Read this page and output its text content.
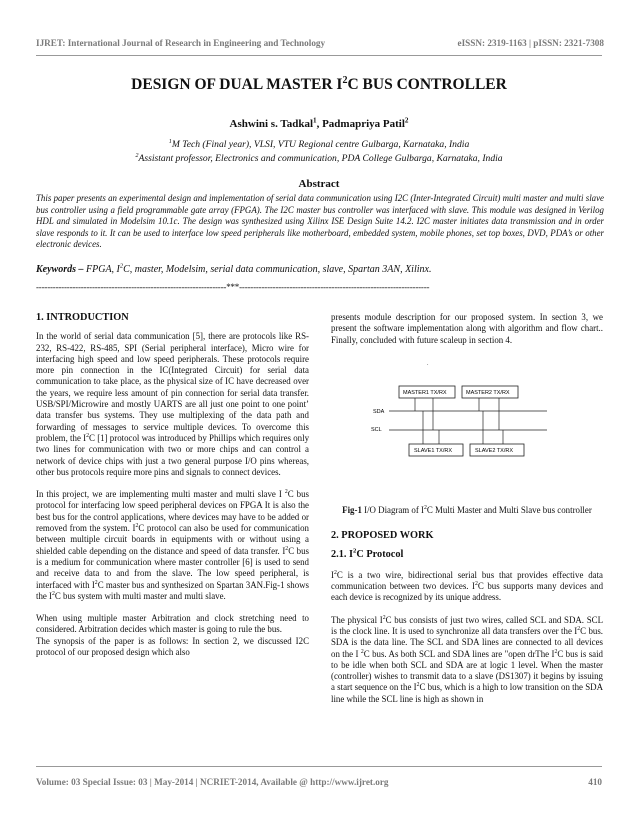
IJRET: International Journal of Research in Engineering and Technology	eISSN: 2319-1163 | pISSN: 2321-7308
DESIGN OF DUAL MASTER $I^2C$ BUS CONTROLLER
Ashwini s. Tadkal$^1$, Padmapriya Patil$^2$
$^1$M Tech (Final year), VLSI, VTU Regional centre Gulbarga, Karnataka, India
$^2$Assistant professor, Electronics and communication, PDA College Gulbarga, Karnataka, India
Abstract
This paper presents an experimental design and implementation of serial data communication using I2C (Inter-Integrated Circuit) multi master and multi slave bus controller using a field programmable gate array (FPGA). The I2C master bus controller was interfaced with slave. This module was designed in Verilog HDL and simulated in Modelsim 10.1c. The design was synthesized using Xilinx ISE Design Suite 14.2. I2C master initiates data transmission and in order slave responds to it. It can be used to interface low speed peripherals like motherboard, embedded system, mobile phones, set top boxes, DVD, PDA’s or other electronic devices.
Keywords – FPGA, $I^2C$, master, Modelsim, serial data communication, slave, Spartan 3AN, Xilinx.
--------------------------------------------------------------------***--------------------------------------------------------------------

1. INTRODUCTION

In the world of serial data communication [5], there are protocols like RS-232, RS-422, RS-485, SPI (Serial peripheral interface), Micro wire for interfacing high speed and low speed peripherals. These protocols require more pin connection in the IC(Integrated Circuit) for serial data communication to take place, as the physical size of IC have decreased over the years, we require less amount of pin connection for serial data transfer. USB/SPI/Microwire and mostly UARTS are all just one point to one point’ data transfer bus systems. They use multiplexing of the data path and forwarding of messages to service multiple devices. To overcome this problem, the $I^2C$ [1] protocol was introduced by Phillips which requires only two lines for communication with two or more chips and can control a network of device chips with just a two general purpose I/O pins whereas, other bus protocols require more pins and signals to connect devices.

In this project, we are implementing multi master and multi slave I $^2$C bus protocol for interfacing low speed peripheral devices on FPGA It is also the best bus for the control applications, where devices may have to be added or removed from the system. $I^2C$ protocol can also be used for communication between multiple circuit boards in equipments with or without using a shielded cable depending on the distance and speed of data transfer. $I^2C$ bus is a medium for communication where master controller [6] is used to send and receive data to and from the slave. The low speed peripheral, is interfaced with $I^2C$ master bus and synthesized on Spartan 3AN.Fig-1 shows the $I^2C$ bus system with multi master and multi slave.

When using multiple master Arbitration and clock stretching need to considered. Arbitration decides which master is going to rule the bus.

The synopsis of the paper is as follows: In section 2, we discussed I2C protocol of our proposed design which also

presents module description for our proposed system. In section 3, we present the software implementation along with algorithm and flow chart.. Finally, concluded with future scaleup in section 4.

.
MASTER1 TX/RX	MASTER2 TX/RX
SDA
SCL
SLAVE1 TX/RX	SLAVE2 TX/RX

Fig-1 I/O Diagram of $I^2C$ Multi Master and Multi Slave bus controller

2. PROPOSED WORK

2.1. $I^2C$ Protocol

$I^2C$ is a two wire, bidirectional serial bus that provides effective data communication between two devices. $I^2C$ bus supports many devices and each device is recognized by its unique address.

The physical $I^2C$ bus consists of just two wires, called SCL and SDA. SCL is the clock line. It is used to synchronize all data transfers over the $I^2C$ bus. SDA is the data line. The SCL and SDA lines are connected to all devices on the I $^2$C bus. As both SCL and SDA lines are "open drThe $I^2C$ bus is said to be idle when both SCL and SDA are at logic 1 level. When the master (controller) wishes to transmit data to a slave (DS1307) it begins by issuing a start sequence on the $I^2C$ bus, which is a high to low transition on the SDA line while the SCL line is high as shown in

Volume: 03 Special Issue: 03 | May-2014 | NCRIET-2014, Available @ http://www.ijret.org	410
